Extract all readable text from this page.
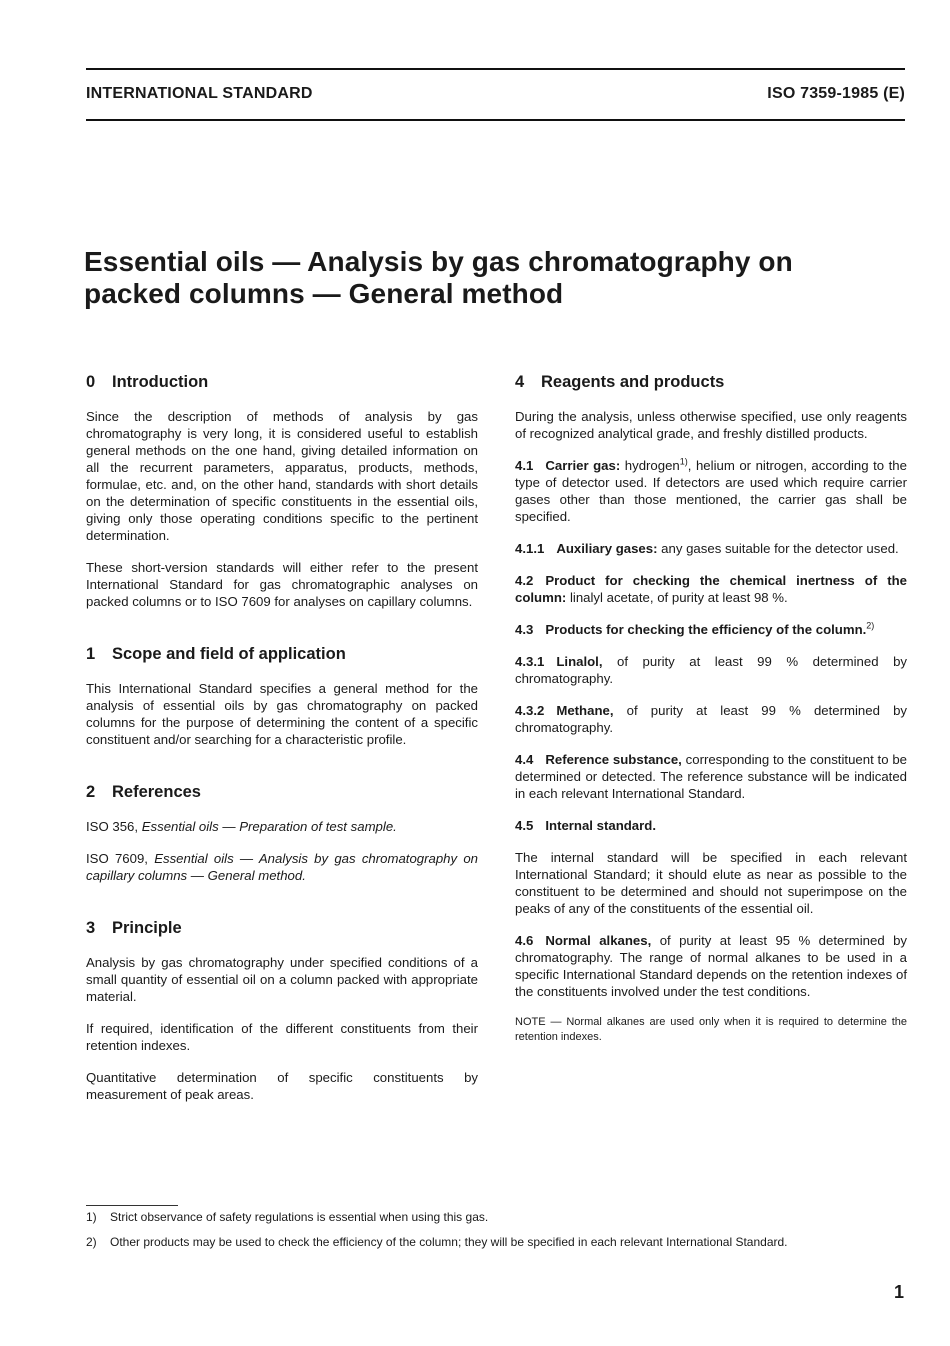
INTERNATIONAL STANDARD	ISO 7359-1985 (E)
Essential oils — Analysis by gas chromatography on
packed columns — General method
0 Introduction

Since the description of methods of analysis by gas chromatography is very long, it is considered useful to establish general methods on the one hand, giving detailed information on all the recurrent parameters, apparatus, products, methods, formulae, etc. and, on the other hand, standards with short details on the determination of specific constituents in the essential oils, giving only those operating conditions specific to the pertinent determination.

These short-version standards will either refer to the present International Standard for gas chromatographic analyses on packed columns or to ISO 7609 for analyses on capillary columns.

1 Scope and field of application

This International Standard specifies a general method for the analysis of essential oils by gas chromatography on packed columns for the purpose of determining the content of a specific constituent and/or searching for a characteristic profile.

2 References

ISO 356, Essential oils — Preparation of test sample.

ISO 7609, Essential oils — Analysis by gas chromatography on capillary columns — General method.

3 Principle

Analysis by gas chromatography under specified conditions of a small quantity of essential oil on a column packed with appropriate material.

If required, identification of the different constituents from their retention indexes.

Quantitative determination of specific constituents by measurement of peak areas.

4 Reagents and products

During the analysis, unless otherwise specified, use only reagents of recognized analytical grade, and freshly distilled products.

4.1 Carrier gas: hydrogen$^{1)}$, helium or nitrogen, according to the type of detector used. If detectors are used which require carrier gases other than those mentioned, the carrier gas shall be specified.

4.1.1 Auxiliary gases: any gases suitable for the detector used.

4.2 Product for checking the chemical inertness of the column: linalyl acetate, of purity at least 98 %.

4.3 Products for checking the efficiency of the column.$^{2)}$

4.3.1 Linalol, of purity at least 99 % determined by chromatography.

4.3.2 Methane, of purity at least 99 % determined by chromatography.

4.4 Reference substance, corresponding to the constituent to be determined or detected. The reference substance will be indicated in each relevant International Standard.

4.5 Internal standard.

The internal standard will be specified in each relevant International Standard; it should elute as near as possible to the constituent to be determined and should not superimpose on the peaks of any of the constituents of the essential oil.

4.6 Normal alkanes, of purity at least 95 % determined by chromatography. The range of normal alkanes to be used in a specific International Standard depends on the retention indexes of the constituents involved under the test conditions.

NOTE — Normal alkanes are used only when it is required to determine the retention indexes.

1) Strict observance of safety regulations is essential when using this gas.
2) Other products may be used to check the efficiency of the column; they will be specified in each relevant International Standard.
1
